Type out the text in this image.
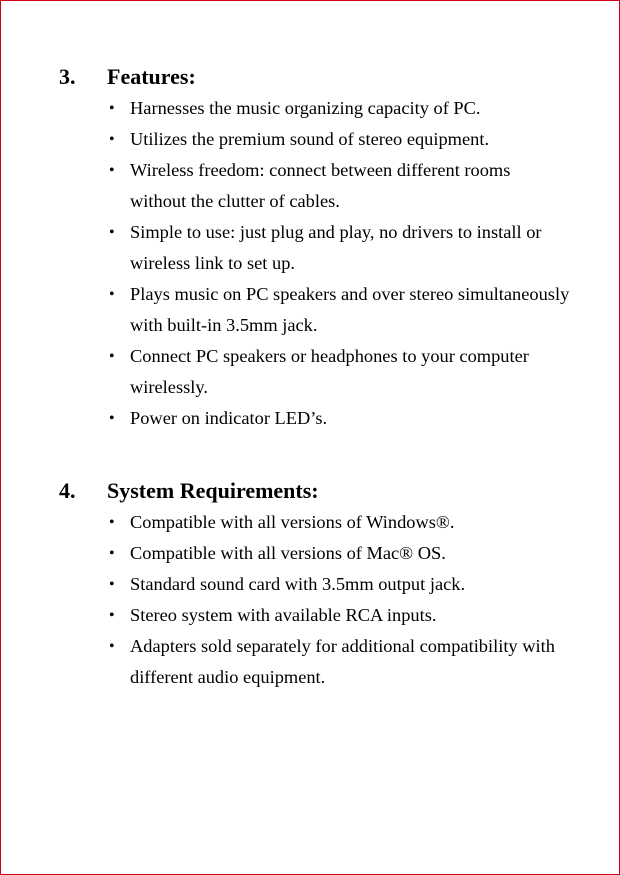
3. Features:
• Harnesses the music organizing capacity of PC.
• Utilizes the premium sound of stereo equipment.
• Wireless freedom: connect between different rooms without the clutter of cables.
• Simple to use: just plug and play, no drivers to install or wireless link to set up.
• Plays music on PC speakers and over stereo simultaneously with built-in 3.5mm jack.
• Connect PC speakers or headphones to your computer wirelessly.
• Power on indicator LED’s.
4. System Requirements:
• Compatible with all versions of Windows®.
• Compatible with all versions of Mac® OS.
• Standard sound card with 3.5mm output jack.
• Stereo system with available RCA inputs.
• Adapters sold separately for additional compatibility with different audio equipment.
